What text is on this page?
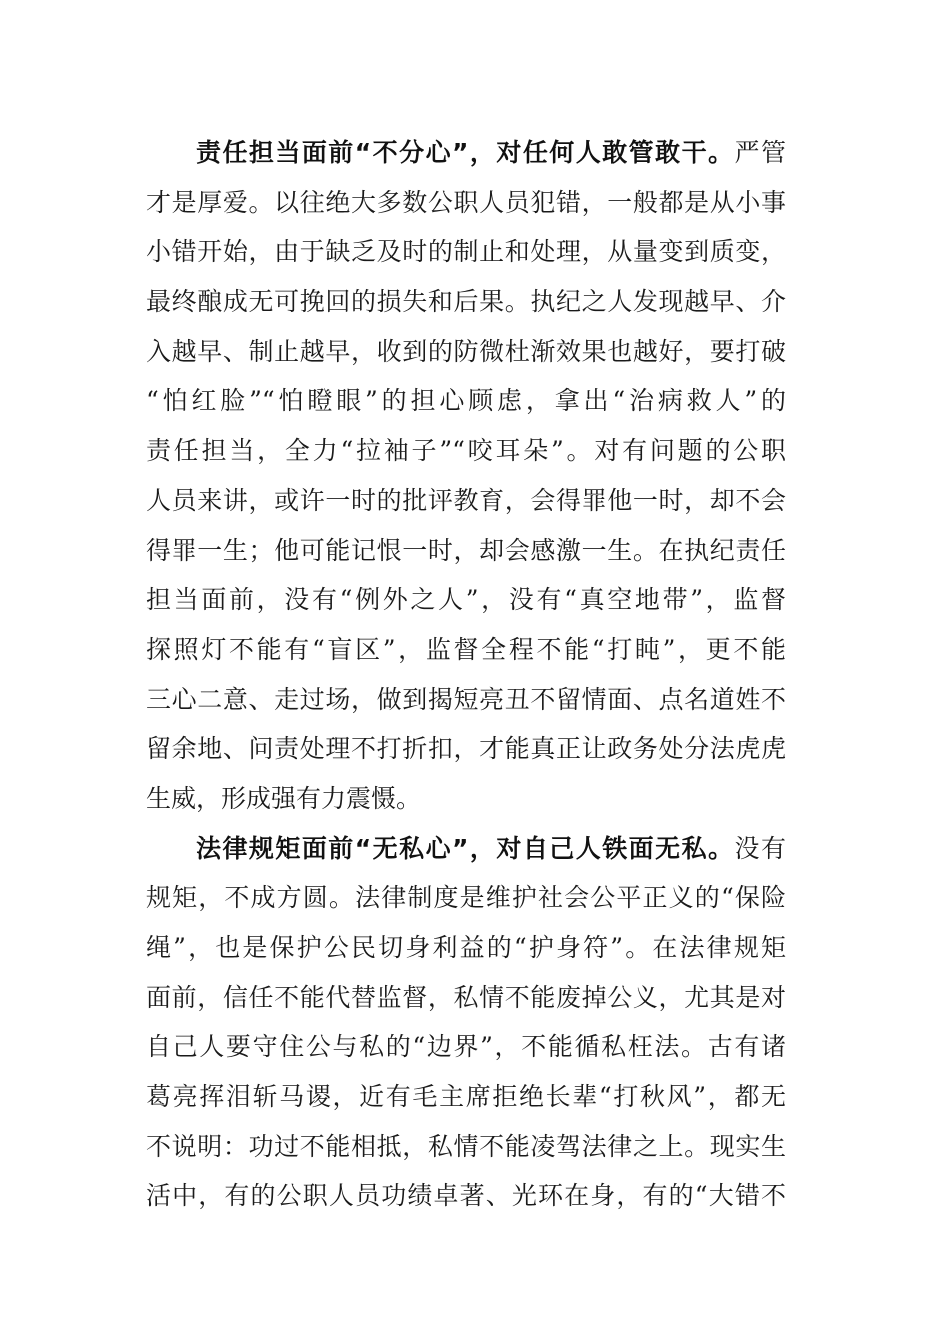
责任担当面前“不分心”，对任何人敢管敢干。严管
才是厚爱。以往绝大多数公职人员犯错，一般都是从小事
小错开始，由于缺乏及时的制止和处理，从量变到质变，
最终酿成无可挽回的损失和后果。执纪之人发现越早、介
入越早、制止越早，收到的防微杜渐效果也越好，要打破
“怕红脸”“怕瞪眼”的担心顾虑，拿出“治病救人”的
责任担当，全力“拉袖子”“咬耳朵”。对有问题的公职
人员来讲，或许一时的批评教育，会得罪他一时，却不会
得罪一生；他可能记恨一时，却会感激一生。在执纪责任
担当面前，没有“例外之人”，没有“真空地带”，监督
探照灯不能有“盲区”，监督全程不能“打盹”，更不能
三心二意、走过场，做到揭短亮丑不留情面、点名道姓不
留余地、问责处理不打折扣，才能真正让政务处分法虎虎
生威，形成强有力震慑。
法律规矩面前“无私心”，对自己人铁面无私。没有
规矩，不成方圆。法律制度是维护社会公平正义的“保险
绳”，也是保护公民切身利益的“护身符”。在法律规矩
面前，信任不能代替监督，私情不能废掉公义，尤其是对
自己人要守住公与私的“边界”，不能循私枉法。古有诸
葛亮挥泪斩马谡，近有毛主席拒绝长辈“打秋风”，都无
不说明：功过不能相抵，私情不能凌驾法律之上。现实生
活中，有的公职人员功绩卓著、光环在身，有的“大错不
